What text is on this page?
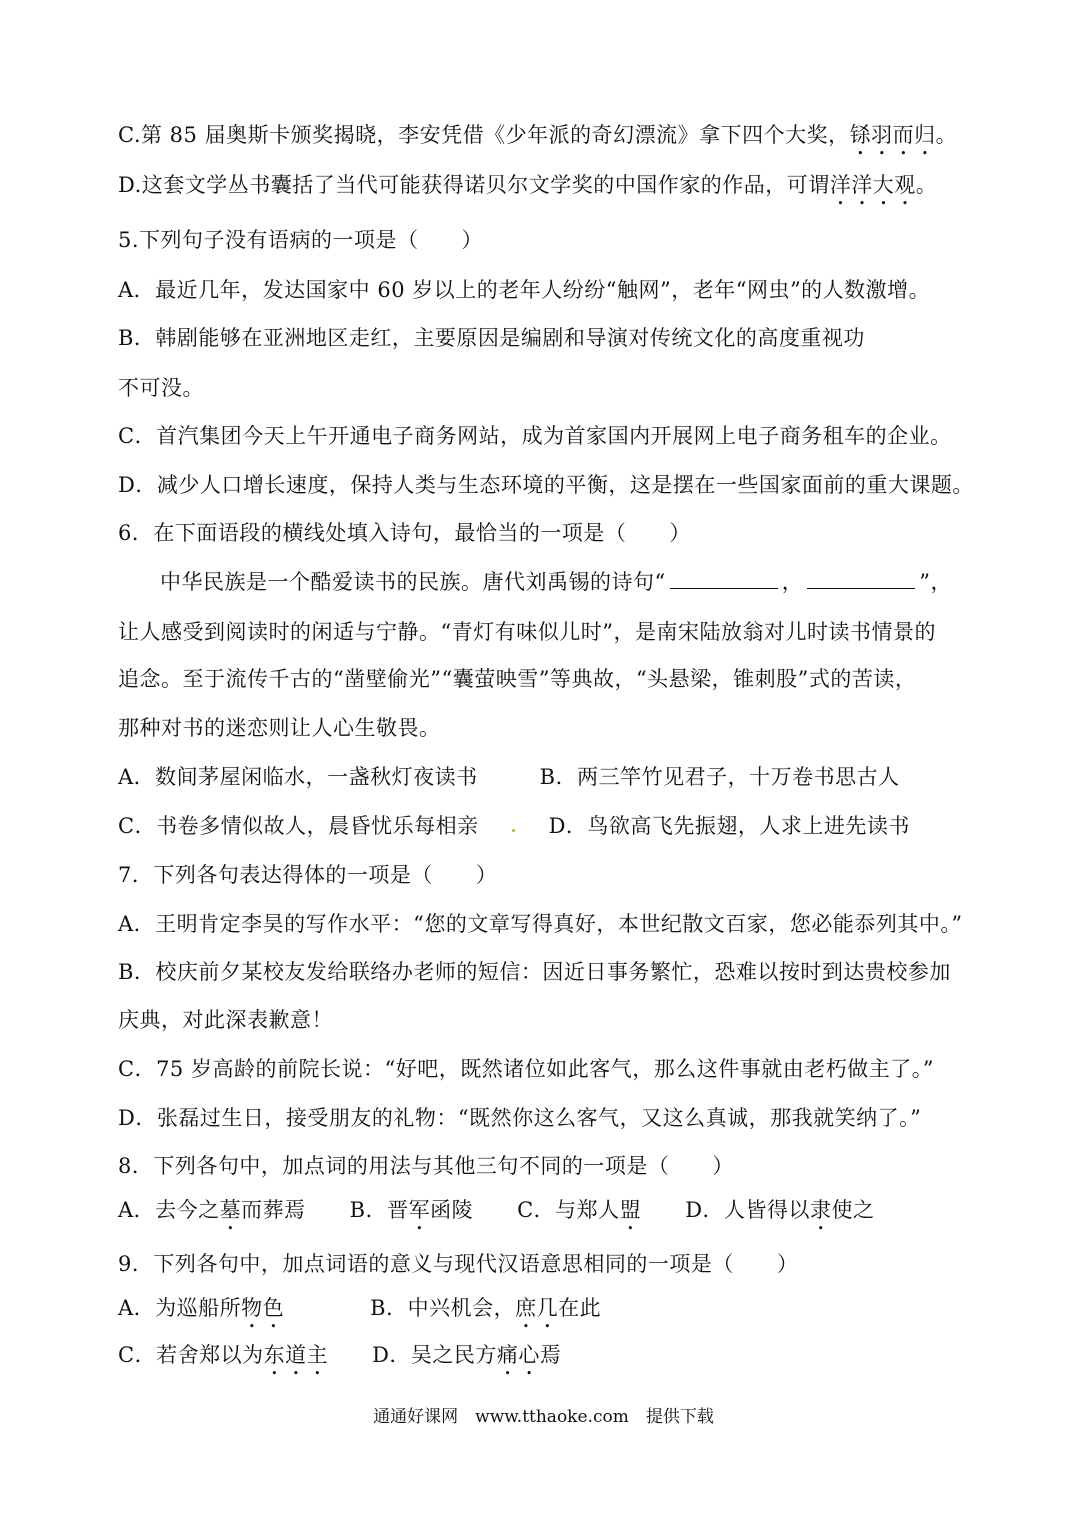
C.第 85 届奥斯卡颁奖揭晓，李安凭借《少年派的奇幻漂流》拿下四个大奖，铩羽而归。
D.这套文学丛书囊括了当代可能获得诺贝尔文学奖的中国作家的作品，可谓洋洋大观。
5.下列句子没有语病的一项是（　　）
A．最近几年，发达国家中 60 岁以上的老年人纷纷“触网”，老年“网虫”的人数激增。
B．韩剧能够在亚洲地区走红，主要原因是编剧和导演对传统文化的高度重视功
不可没。
C．首汽集团今天上午开通电子商务网站，成为首家国内开展网上电子商务租车的企业。
D．减少人口增长速度，保持人类与生态环境的平衡，这是摆在一些国家面前的重大课题。
6．在下面语段的横线处填入诗句，最恰当的一项是（　　）
中华民族是一个酷爱读书的民族。唐代刘禹锡的诗句“	，	”，
让人感受到阅读时的闲适与宁静。“青灯有味似儿时”，是南宋陆放翁对儿时读书情景的
追念。至于流传千古的“凿壁偷光”“囊萤映雪”等典故，“头悬梁，锥刺股”式的苦读，
那种对书的迷恋则让人心生敬畏。
A．数间茅屋闲临水，一盏秋灯夜读书	B．两三竿竹见君子，十万卷书思古人
C．书卷多情似故人，晨昏忧乐每相亲	D．鸟欲高飞先振翅，人求上进先读书
7．下列各句表达得体的一项是（　　）
A．王明肯定李昊的写作水平：“您的文章写得真好，本世纪散文百家，您必能忝列其中。”
B．校庆前夕某校友发给联络办老师的短信：因近日事务繁忙，恐难以按时到达贵校参加
庆典，对此深表歉意！
C．75 岁高龄的前院长说：“好吧，既然诸位如此客气，那么这件事就由老朽做主了。”
D．张磊过生日，接受朋友的礼物：“既然你这么客气，又这么真诚，那我就笑纳了。”
8．下列各句中，加点词的用法与其他三句不同的一项是（　　）
A．去今之墓而葬焉 B．晋军函陵 C．与郑人盟 D．人皆得以隶使之
9．下列各句中，加点词语的意义与现代汉语意思相同的一项是（　　）
A．为巡船所物色	B．中兴机会，庶几在此
C．若舍郑以为东道主 D．吴之民方痛心焉
通通好课网　www.tthaoke.com　提供下载
